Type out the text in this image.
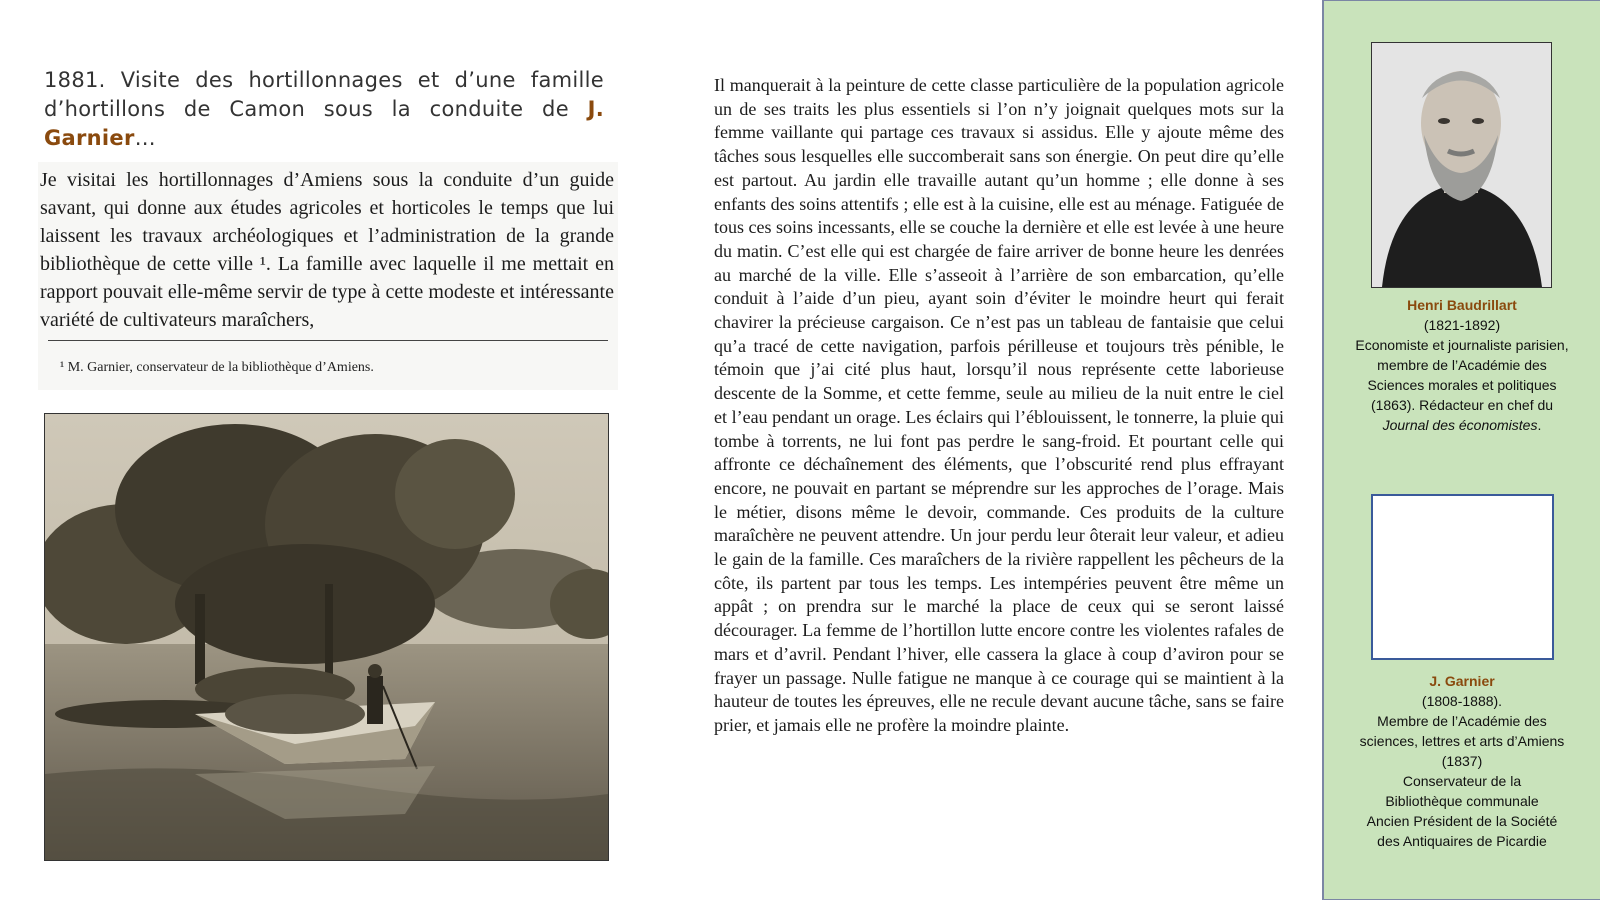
1881. Visite des hortillonnages et d’une famille d’hortillons de Camon sous la conduite de J. Garnier…

Je visitai les hortillonnages d’Amiens sous la conduite d’un guide savant, qui donne aux études agricoles et horticoles le temps que lui laissent les travaux archéologiques et l’administration de la grande bibliothèque de cette ville ¹. La famille avec laquelle il me mettait en rapport pouvait elle-même servir de type à cette modeste et intéressante variété de cultivateurs maraîchers,

¹ M. Garnier, conservateur de la bibliothèque d’Amiens.

Il manquerait à la peinture de cette classe particulière de la population agricole un de ses traits les plus essentiels si l’on n’y joignait quelques mots sur la femme vaillante qui partage ces travaux si assidus. Elle y ajoute même des tâches sous lesquelles elle succomberait sans son énergie. On peut dire qu’elle est partout. Au jardin elle travaille autant qu’un homme ; elle donne à ses enfants des soins attentifs ; elle est à la cuisine, elle est au ménage. Fatiguée de tous ces soins incessants, elle se couche la dernière et elle est levée à une heure du matin. C’est elle qui est chargée de faire arriver de bonne heure les denrées au marché de la ville. Elle s’asseoit à l’arrière de son embarcation, qu’elle conduit à l’aide d’un pieu, ayant soin d’éviter le moindre heurt qui ferait chavirer la précieuse cargaison. Ce n’est pas un tableau de fantaisie que celui qu’a tracé de cette navigation, parfois périlleuse et toujours très pénible, le témoin que j’ai cité plus haut, lorsqu’il nous représente cette laborieuse descente de la Somme, et cette femme, seule au milieu de la nuit entre le ciel et l’eau pendant un orage. Les éclairs qui l’éblouissent, le tonnerre, la pluie qui tombe à torrents, ne lui font pas perdre le sang-froid. Et pourtant celle qui affronte ce déchaînement des éléments, que l’obscurité rend plus effrayant encore, ne pouvait en partant se méprendre sur les approches de l’orage. Mais le métier, disons même le devoir, commande. Ces produits de la culture maraîchère ne peuvent attendre. Un jour perdu leur ôterait leur valeur, et adieu le gain de la famille. Ces maraîchers de la rivière rappellent les pêcheurs de la côte, ils partent par tous les temps. Les intempéries peuvent être même un appât ; on prendra sur le marché la place de ceux qui se seront laissé décourager. La femme de l’hortillon lutte encore contre les violentes rafales de mars et d’avril. Pendant l’hiver, elle cassera la glace à coup d’aviron pour se frayer un passage. Nulle fatigue ne manque à ce courage qui se maintient à la hauteur de toutes les épreuves, elle ne recule devant aucune tâche, sans se faire prier, et jamais elle ne profère la moindre plainte.

Henri Baudrillart
(1821-1892)
Economiste et journaliste parisien, membre de l’Académie des Sciences morales et politiques (1863). Rédacteur en chef du Journal des économistes.
J. Garnier
(1808-1888).
Membre de l’Académie des sciences, lettres et arts d’Amiens (1837)
Conservateur de la Bibliothèque communale
Ancien Président de la Société des Antiquaires de Picardie
